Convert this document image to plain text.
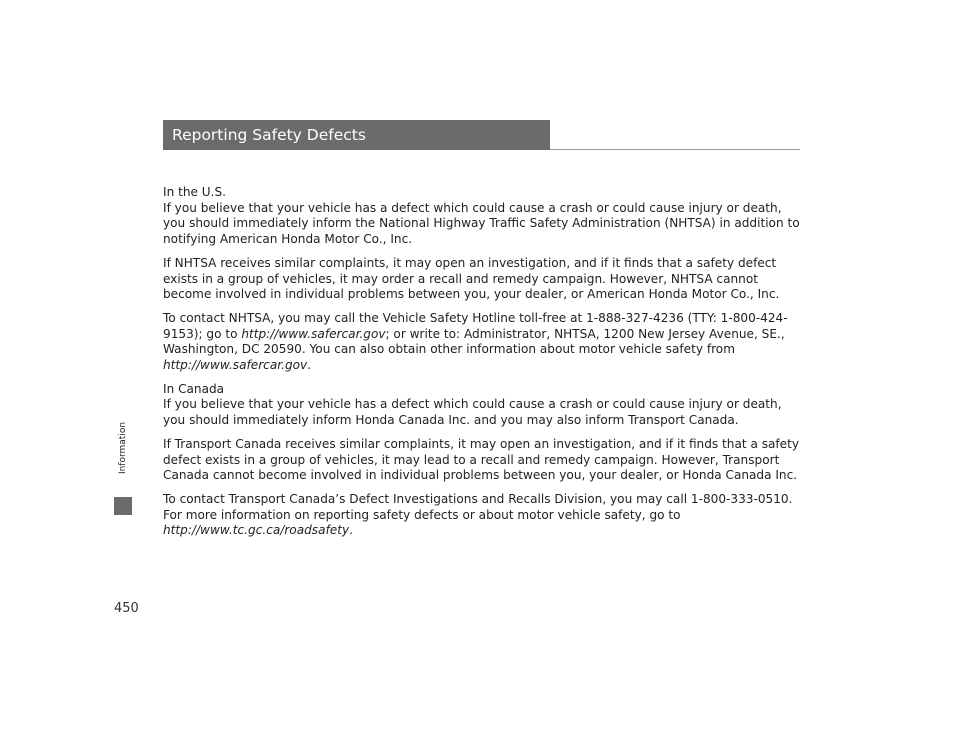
Information
450
Reporting Safety Defects

In the U.S.

If you believe that your vehicle has a defect which could cause a crash or could cause injury or death, you should immediately inform the National Highway Traffic Safety Administration (NHTSA) in addition to notifying American Honda Motor Co., Inc.

If NHTSA receives similar complaints, it may open an investigation, and if it finds that a safety defect exists in a group of vehicles, it may order a recall and remedy campaign. However, NHTSA cannot become involved in individual problems between you, your dealer, or American Honda Motor Co., Inc.

To contact NHTSA, you may call the Vehicle Safety Hotline toll-free at 1-888-327-4236 (TTY: 1-800-424-9153); go to http://www.safercar.gov; or write to: Administrator, NHTSA, 1200 New Jersey Avenue, SE., Washington, DC 20590. You can also obtain other information about motor vehicle safety from http://www.safercar.gov.

In Canada

If you believe that your vehicle has a defect which could cause a crash or could cause injury or death, you should immediately inform Honda Canada Inc. and you may also inform Transport Canada.

If Transport Canada receives similar complaints, it may open an investigation, and if it finds that a safety defect exists in a group of vehicles, it may lead to a recall and remedy campaign. However, Transport Canada cannot become involved in individual problems between you, your dealer, or Honda Canada Inc.

To contact Transport Canada’s Defect Investigations and Recalls Division, you may call 1-800-333-0510. For more information on reporting safety defects or about motor vehicle safety, go to http://www.tc.gc.ca/roadsafety.
